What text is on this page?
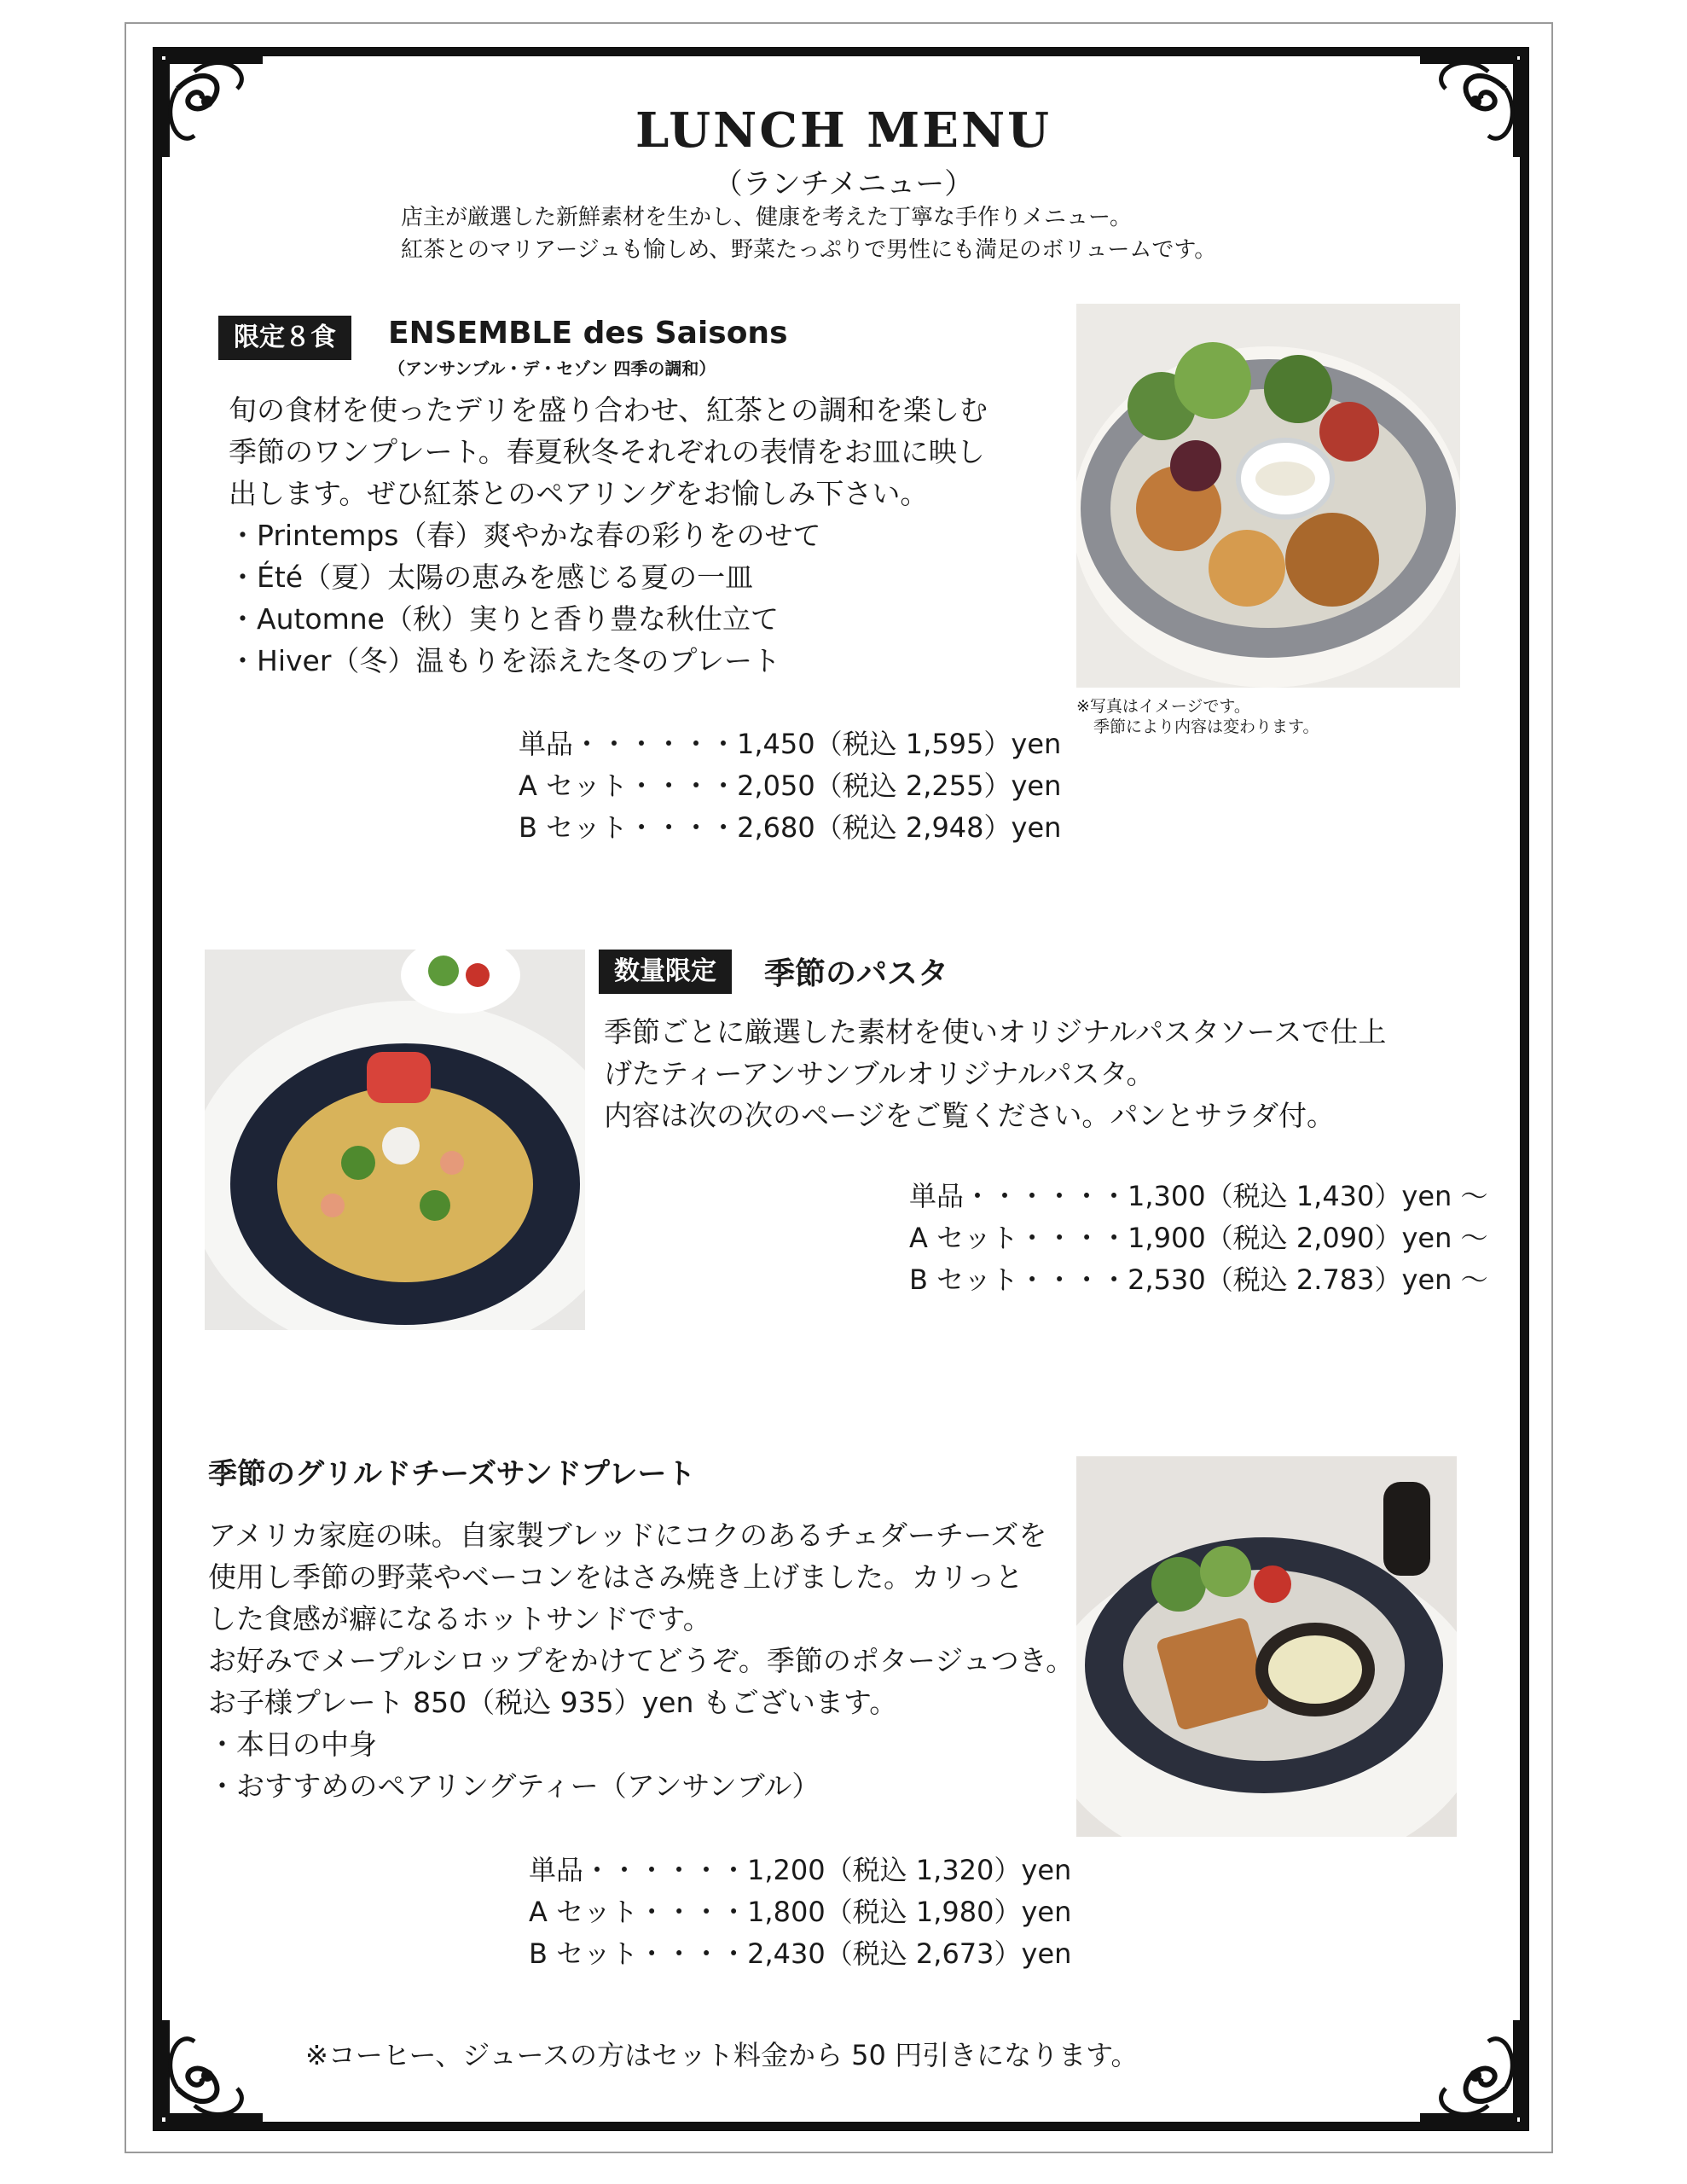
LUNCH MENU
（ランチメニュー）
店主が厳選した新鮮素材を生かし、健康を考えた丁寧な手作りメニュー。
紅茶とのマリアージュも愉しめ、野菜たっぷりで男性にも満足のボリュームです。
限定８食	ENSEMBLE des Saisons
（アンサンブル・デ・セゾン 四季の調和）
旬の食材を使ったデリを盛り合わせ、紅茶との調和を楽しむ
季節のワンプレート。春夏秋冬それぞれの表情をお皿に映し
出します。ぜひ紅茶とのペアリングをお愉しみ下さい。
・Printemps（春）爽やかな春の彩りをのせて
・Été（夏）太陽の恵みを感じる夏の一皿
・Automne（秋）実りと香り豊な秋仕立て
・Hiver（冬）温もりを添えた冬のプレート
※写真はイメージです。
季節により内容は変わります。
単品・・・・・・1,450（税込 1,595）yen
A セット・・・・2,050（税込 2,255）yen
B セット・・・・2,680（税込 2,948）yen
数量限定	季節のパスタ
季節ごとに厳選した素材を使いオリジナルパスタソースで仕上
げたティーアンサンブルオリジナルパスタ。
内容は次の次のページをご覧ください。パンとサラダ付。
単品・・・・・・1,300（税込 1,430）yen 〜
A セット・・・・1,900（税込 2,090）yen 〜
B セット・・・・2,530（税込 2.783）yen 〜
季節のグリルドチーズサンドプレート
アメリカ家庭の味。自家製ブレッドにコクのあるチェダーチーズを
使用し季節の野菜やベーコンをはさみ焼き上げました。カリっと
した食感が癖になるホットサンドです。
お好みでメープルシロップをかけてどうぞ。季節のポタージュつき。
お子様プレート 850（税込 935）yen もございます。
・本日の中身
・おすすめのペアリングティー（アンサンブル）
単品・・・・・・1,200（税込 1,320）yen
A セット・・・・1,800（税込 1,980）yen
B セット・・・・2,430（税込 2,673）yen
※コーヒー、ジュースの方はセット料金から 50 円引きになります。
